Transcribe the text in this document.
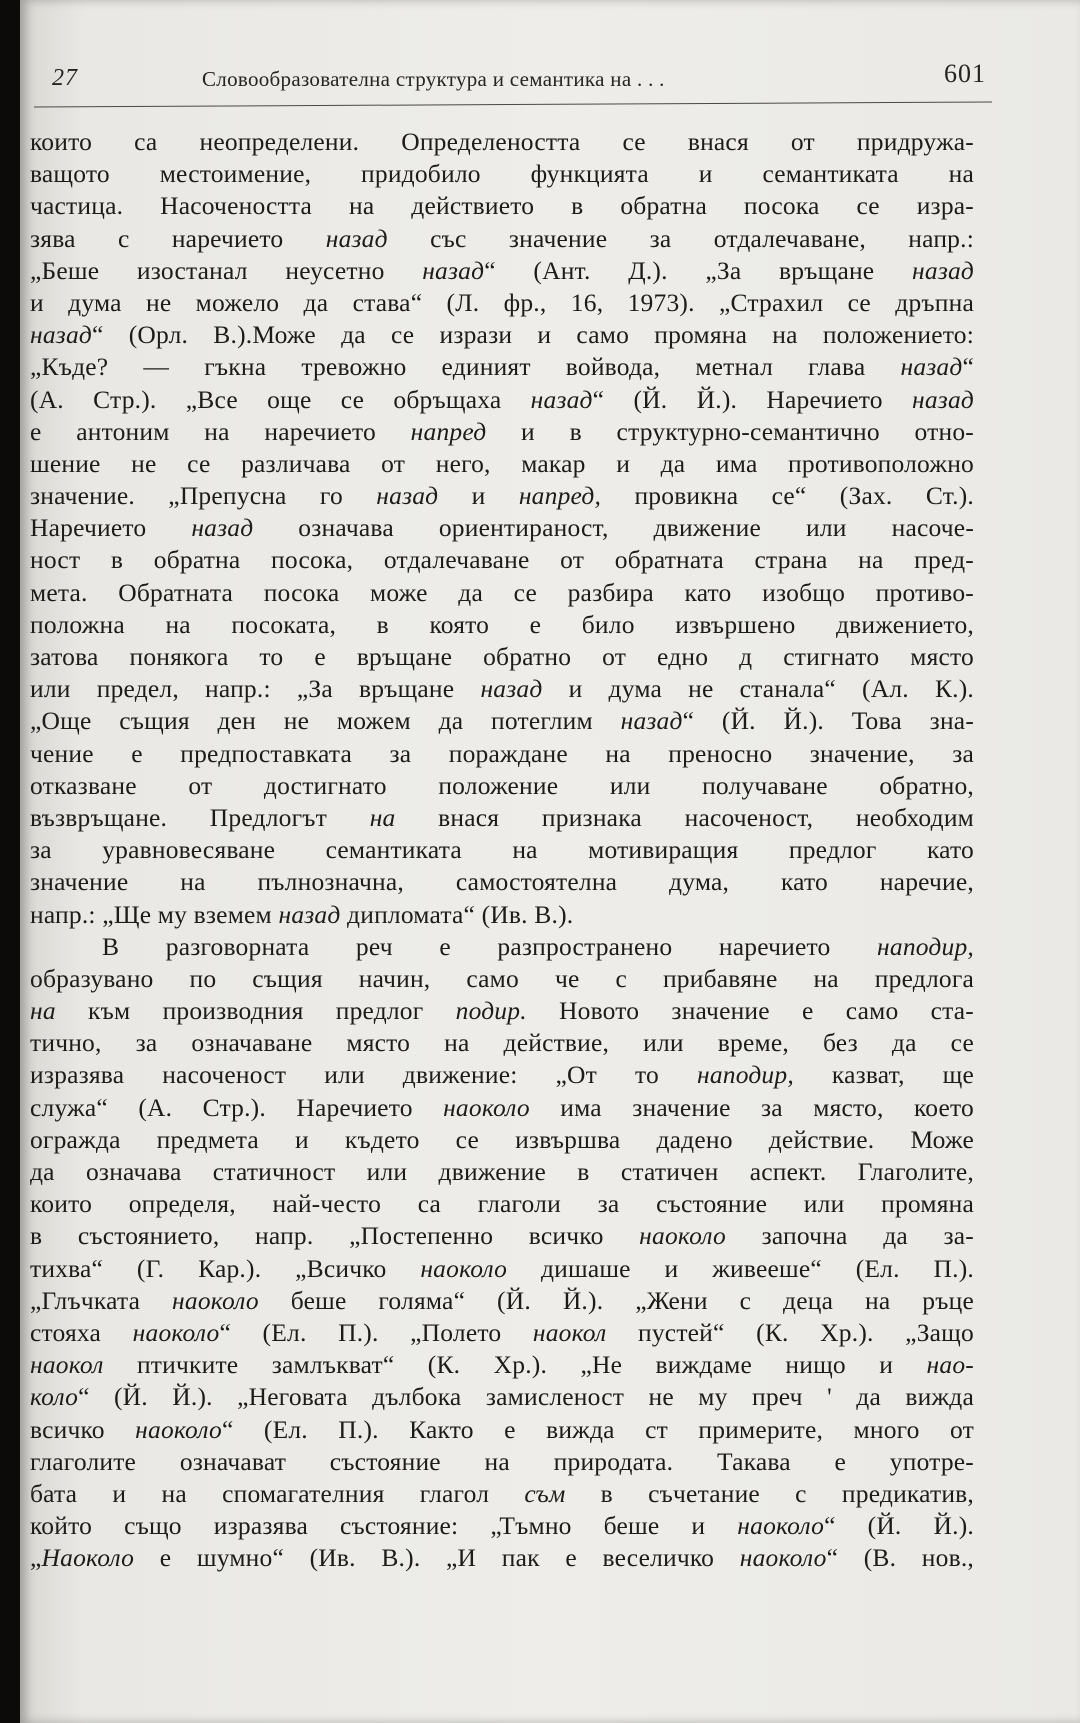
27	Словообразователна структура и семантика на . . .	601
които са неопределени. Определеността се внася от придружа-
ващото местоимение, придобило функцията и семантиката на
частица. Насочеността на действието в обратна посока се изра-
зява с наречието назад със значение за отдалечаване, напр.:
„Беше изостанал неусетно назад“ (Ант. Д.). „За връщане назад
и дума не можело да става“ (Л. фр., 16, 1973). „Страхил се дръпна
назад“ (Орл. В.).Може да се изрази и само промяна на положението:
„Къде? — гъкна тревожно единият войвода, метнал глава назад“
(А. Стр.). „Все още се обръщаха назад“ (Й. Й.). Наречието назад
е антоним на наречието напред и в структурно-семантично отно-
шение не се различава от него, макар и да има противоположно
значение. „Препусна го назад и напред, провикна се“ (Зах. Ст.).
Наречието назад означава ориентираност, движение или насоче-
ност в обратна посока, отдалечаване от обратната страна на пред-
мета. Обратната посока може да се разбира като изобщо противо-
положна на посоката, в която е било извършено движението,
затова понякога то е връщане обратно от едно д стигнато място
или предел, напр.: „За връщане назад и дума не станала“ (Ал. К.).
„Още същия ден не можем да потеглим назад“ (Й. Й.). Това зна-
чение е предпоставката за пораждане на преносно значение, за
отказване от достигнато положение или получаване обратно,
възвръщане. Предлогът на внася признака насоченост, необходим
за уравновесяване семантиката на мотивиращия предлог като
значение на пълнозначна, самостоятелна дума, като наречие,
напр.: „Ще му вземем назад дипломата“ (Ив. В.).
В разговорната реч е разпространено наречието наподир,
образувано по същия начин, само че с прибавяне на предлога
на към производния предлог подир. Новото значение е само ста-
тично, за означаване място на действие, или време, без да се
изразява насоченост или движение: „От то наподир, казват, ще
служа“ (А. Стр.). Наречието наоколо има значение за място, което
огражда предмета и където се извършва дадено действие. Може
да означава статичност или движение в статичен аспект. Глаголите,
които определя, най-често са глаголи за състояние или промяна
в състоянието, напр. „Постепенно всичко наоколо започна да за-
тихва“ (Г. Кар.). „Всичко наоколо дишаше и живееше“ (Ел. П.).
„Глъчката наоколо беше голяма“ (Й. Й.). „Жени с деца на ръце
стояха наоколо“ (Ел. П.). „Полето наокол пустей“ (К. Хр.). „Защо
наокол птичките замлъкват“ (К. Хр.). „Не виждаме нищо и нао-
коло“ (Й. Й.). „Неговата дълбока замисленост не му преч ' да вижда
всичко наоколо“ (Ел. П.). Както е вижда ст примерите, много от
глаголите означават състояние на природата. Такава е употре-
бата и на спомагателния глагол съм в съчетание с предикатив,
който също изразява състояние: „Тъмно беше и наоколо“ (Й. Й.).
„Наоколо е шумно“ (Ив. В.). „И пак е веселичко наоколо“ (В. нов.,
